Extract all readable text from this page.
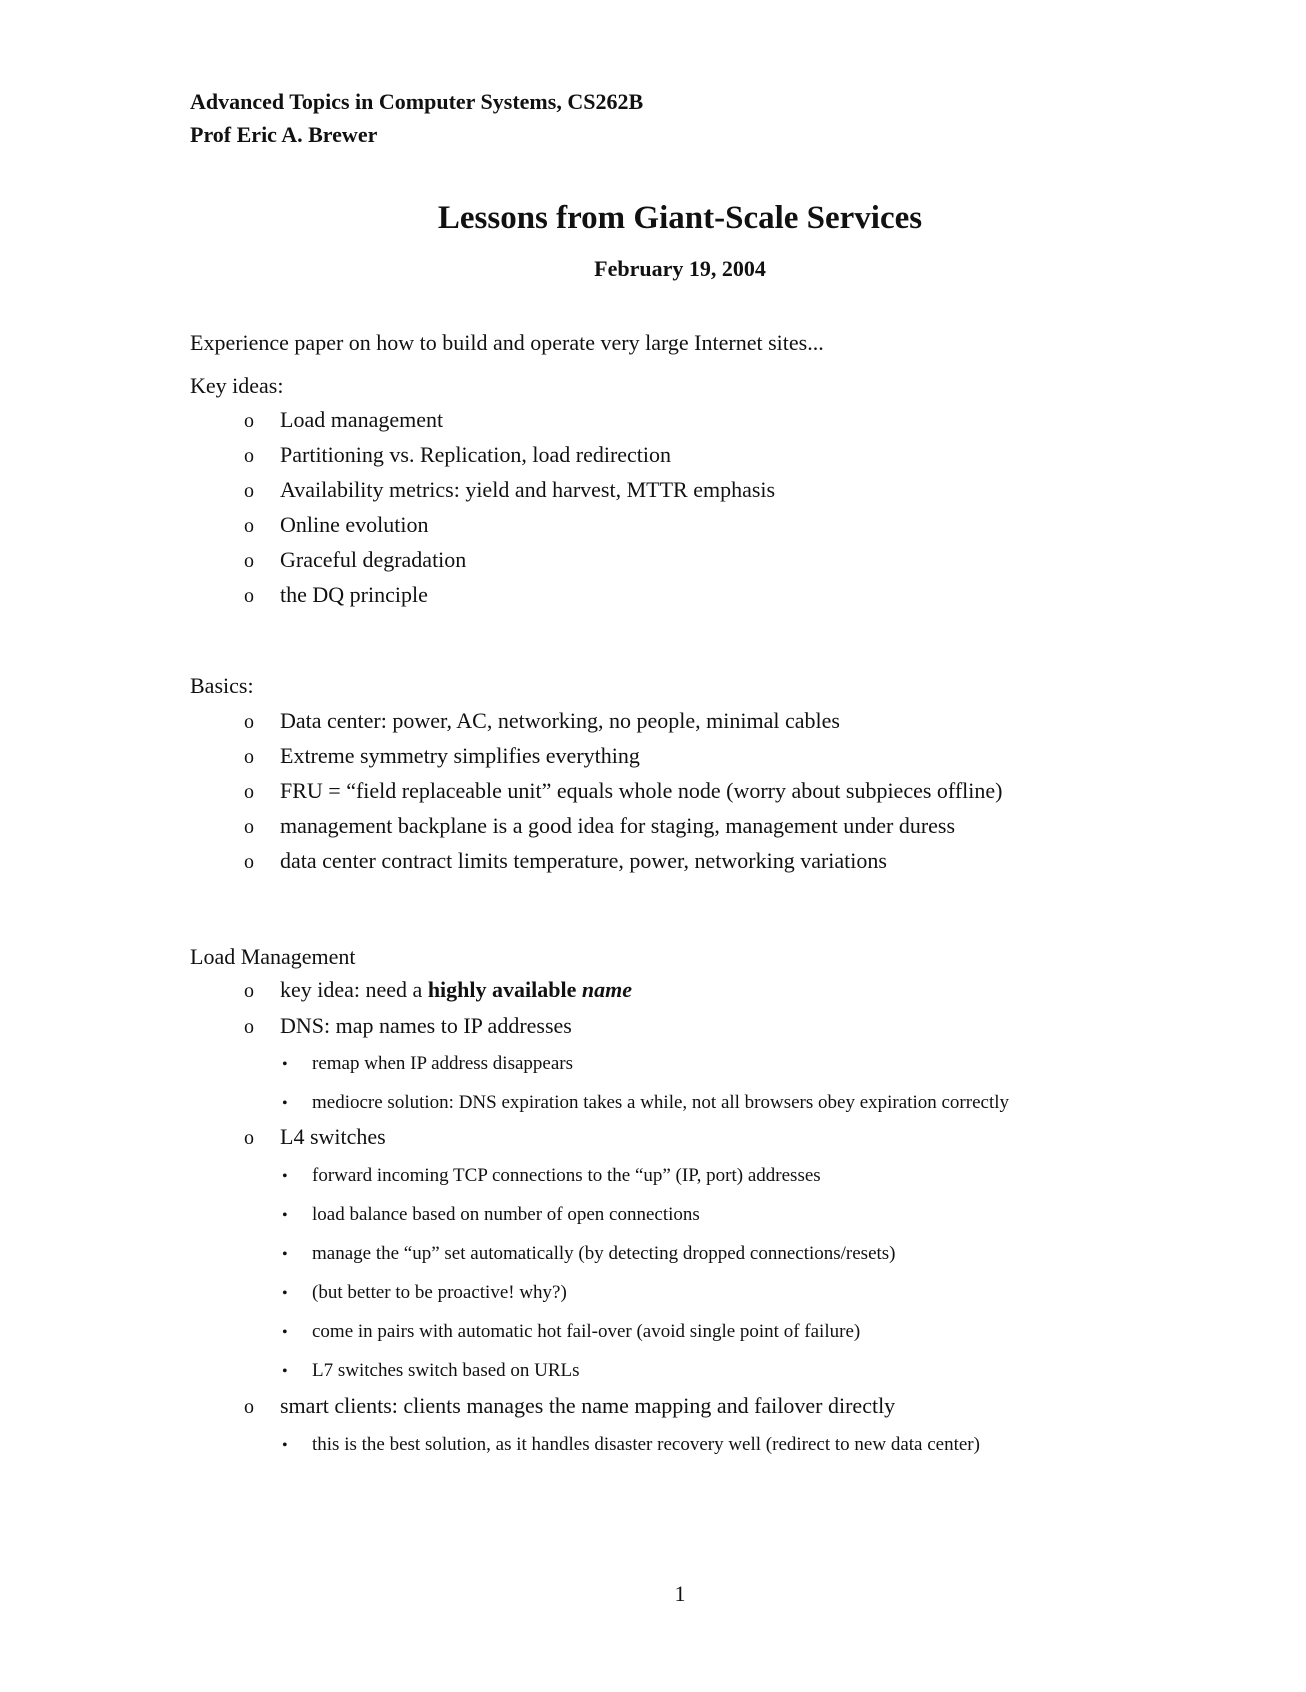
Advanced Topics in Computer Systems, CS262B
Prof Eric A. Brewer
Lessons from Giant-Scale Services
February 19, 2004
Experience paper on how to build and operate very large Internet sites...
Key ideas:
o Load management
o Partitioning vs. Replication, load redirection
o Availability metrics: yield and harvest, MTTR emphasis
o Online evolution
o Graceful degradation
o the DQ principle
Basics:
o Data center: power, AC, networking, no people, minimal cables
o Extreme symmetry simplifies everything
o FRU = “field replaceable unit” equals whole node (worry about subpieces offline)
o management backplane is a good idea for staging, management under duress
o data center contract limits temperature, power, networking variations
Load Management
o key idea: need a highly available name
o DNS: map names to IP addresses
• remap when IP address disappears
• mediocre solution: DNS expiration takes a while, not all browsers obey expiration correctly
o L4 switches
• forward incoming TCP connections to the “up” (IP, port) addresses
• load balance based on number of open connections
• manage the “up” set automatically (by detecting dropped connections/resets)
• (but better to be proactive! why?)
• come in pairs with automatic hot fail-over (avoid single point of failure)
• L7 switches switch based on URLs
o smart clients: clients manages the name mapping and failover directly
• this is the best solution, as it handles disaster recovery well (redirect to new data center)
1
